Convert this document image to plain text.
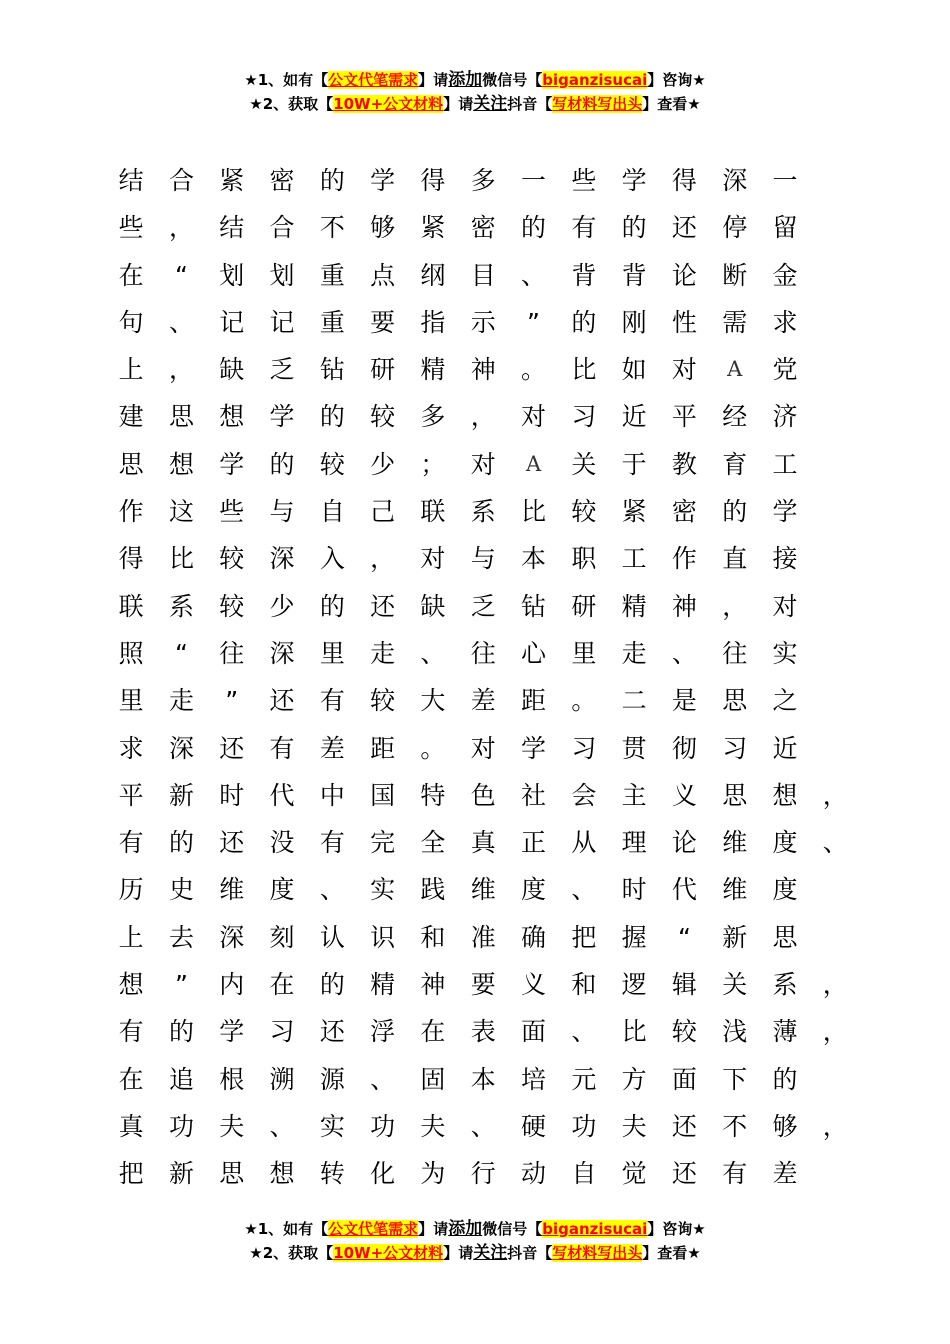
★1、如有【公文代笔需求】请添加微信号【biganzisucai】咨询★
★2、获取【10W+公文材料】请关注抖音【写材料写出头】查看★
结	合	紧	密	的	学	得	多	一	些	学	得	深	一
些	，	结	合	不	够	紧	密	的	有	的	还	停	留
在	“	划	划	重	点	纲	目	、	背	背	论	断	金
句	、	记	记	重	要	指	示	”	的	刚	性	需	求
上	，	缺	乏	钻	研	精	神	。	比	如	对	A	党
建	思	想	学	的	较	多	，	对	习	近	平	经	济
思	想	学	的	较	少	；	对	A	关	于	教	育	工
作	这	些	与	自	己	联	系	比	较	紧	密	的	学
得	比	较	深	入	，	对	与	本	职	工	作	直	接
联	系	较	少	的	还	缺	乏	钻	研	精	神	，	对
照	“	往	深	里	走	、	往	心	里	走	、	往	实
里	走	”	还	有	较	大	差	距	。	二	是	思	之
求	深	还	有	差	距	。	对	学	习	贯	彻	习	近
平	新	时	代	中	国	特	色	社	会	主	义	思	想	，
有	的	还	没	有	完	全	真	正	从	理	论	维	度	、
历	史	维	度	、	实	践	维	度	、	时	代	维	度
上	去	深	刻	认	识	和	准	确	把	握	“	新	思
想	”	内	在	的	精	神	要	义	和	逻	辑	关	系	，
有	的	学	习	还	浮	在	表	面	、	比	较	浅	薄	，
在	追	根	溯	源	、	固	本	培	元	方	面	下	的
真	功	夫	、	实	功	夫	、	硬	功	夫	还	不	够	，
把	新	思	想	转	化	为	行	动	自	觉	还	有	差
★1、如有【公文代笔需求】请添加微信号【biganzisucai】咨询★
★2、获取【10W+公文材料】请关注抖音【写材料写出头】查看★
